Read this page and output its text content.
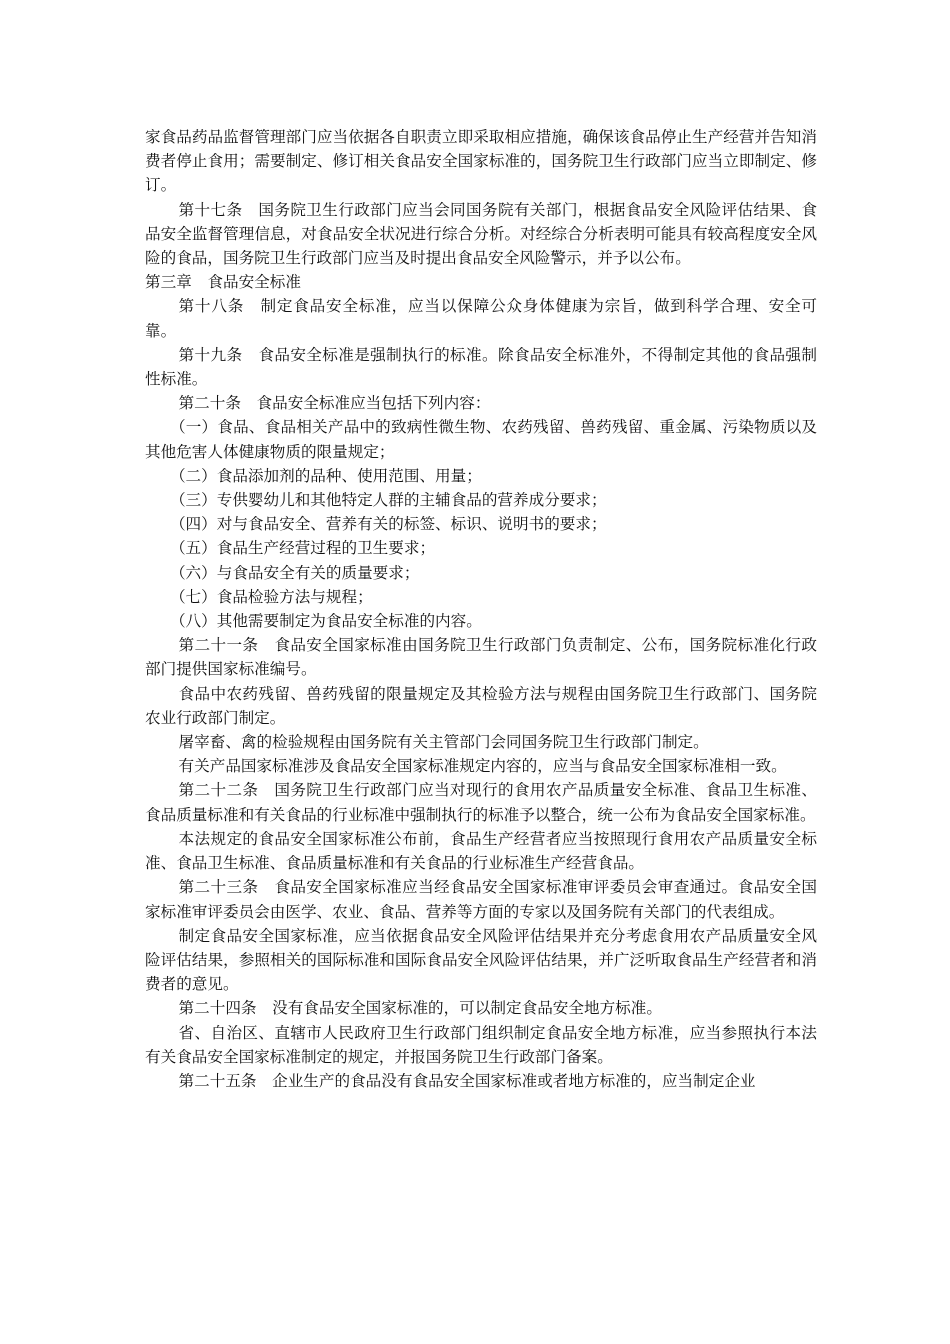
家食品药品监督管理部门应当依据各自职责立即采取相应措施，确保该食品停止生产经营并告知消费者停止食用；需要制定、修订相关食品安全国家标准的，国务院卫生行政部门应当立即制定、修订。

第十七条　国务院卫生行政部门应当会同国务院有关部门，根据食品安全风险评估结果、食品安全监督管理信息，对食品安全状况进行综合分析。对经综合分析表明可能具有较高程度安全风险的食品，国务院卫生行政部门应当及时提出食品安全风险警示，并予以公布。

第三章　食品安全标准

第十八条　制定食品安全标准，应当以保障公众身体健康为宗旨，做到科学合理、安全可靠。

第十九条　食品安全标准是强制执行的标准。除食品安全标准外，不得制定其他的食品强制性标准。

第二十条　食品安全标准应当包括下列内容：

（一）食品、食品相关产品中的致病性微生物、农药残留、兽药残留、重金属、污染物质以及其他危害人体健康物质的限量规定；

（二）食品添加剂的品种、使用范围、用量；

（三）专供婴幼儿和其他特定人群的主辅食品的营养成分要求；

（四）对与食品安全、营养有关的标签、标识、说明书的要求；

（五）食品生产经营过程的卫生要求；

（六）与食品安全有关的质量要求；

（七）食品检验方法与规程；

（八）其他需要制定为食品安全标准的内容。

第二十一条　食品安全国家标准由国务院卫生行政部门负责制定、公布，国务院标准化行政部门提供国家标准编号。

食品中农药残留、兽药残留的限量规定及其检验方法与规程由国务院卫生行政部门、国务院农业行政部门制定。

屠宰畜、禽的检验规程由国务院有关主管部门会同国务院卫生行政部门制定。

有关产品国家标准涉及食品安全国家标准规定内容的，应当与食品安全国家标准相一致。

第二十二条　国务院卫生行政部门应当对现行的食用农产品质量安全标准、食品卫生标准、食品质量标准和有关食品的行业标准中强制执行的标准予以整合，统一公布为食品安全国家标准。

本法规定的食品安全国家标准公布前，食品生产经营者应当按照现行食用农产品质量安全标准、食品卫生标准、食品质量标准和有关食品的行业标准生产经营食品。

第二十三条　食品安全国家标准应当经食品安全国家标准审评委员会审查通过。食品安全国家标准审评委员会由医学、农业、食品、营养等方面的专家以及国务院有关部门的代表组成。

制定食品安全国家标准，应当依据食品安全风险评估结果并充分考虑食用农产品质量安全风险评估结果，参照相关的国际标准和国际食品安全风险评估结果，并广泛听取食品生产经营者和消费者的意见。

第二十四条　没有食品安全国家标准的，可以制定食品安全地方标准。

省、自治区、直辖市人民政府卫生行政部门组织制定食品安全地方标准，应当参照执行本法有关食品安全国家标准制定的规定，并报国务院卫生行政部门备案。

第二十五条　企业生产的食品没有食品安全国家标准或者地方标准的，应当制定企业
